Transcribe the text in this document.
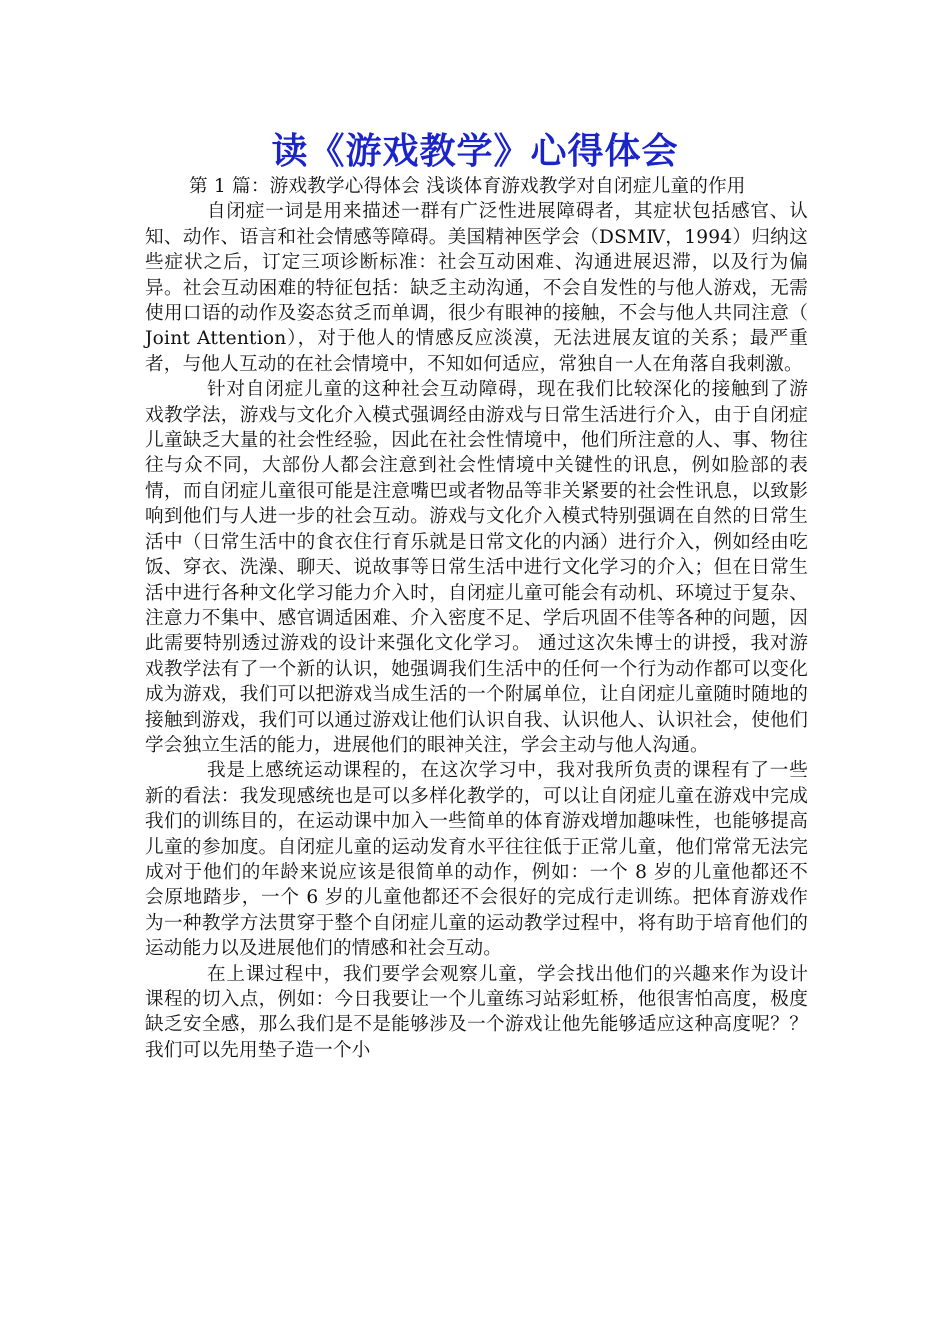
读《游戏教学》心得体会

第 1 篇：游戏教学心得体会 浅谈体育游戏教学对自闭症儿童的作用

自闭症一词是用来描述一群有广泛性进展障碍者，其症状包括感官、认知、动作、语言和社会情感等障碍。美国精神医学会（DSMⅣ，1994）归纳这些症状之后，订定三项诊断标准：社会互动困难、沟通进展迟滞，以及行为偏异。社会互动困难的特征包括：缺乏主动沟通，不会自发性的与他人游戏，无需使用口语的动作及姿态贫乏而单调，很少有眼神的接触，不会与他人共同注意（ Joint Attention），对于他人的情感反应淡漠，无法进展友谊的关系；最严重者，与他人互动的在社会情境中，不知如何适应，常独自一人在角落自我刺激。

针对自闭症儿童的这种社会互动障碍，现在我们比较深化的接触到了游戏教学法，游戏与文化介入模式强调经由游戏与日常生活进行介入，由于自闭症儿童缺乏大量的社会性经验，因此在社会性情境中，他们所注意的人、事、物往往与众不同，大部份人都会注意到社会性情境中关键性的讯息，例如脸部的表情，而自闭症儿童很可能是注意嘴巴或者物品等非关紧要的社会性讯息，以致影响到他们与人进一步的社会互动。游戏与文化介入模式特别强调在自然的日常生活中（日常生活中的食衣住行育乐就是日常文化的内涵）进行介入，例如经由吃饭、穿衣、洗澡、聊天、说故事等日常生活中进行文化学习的介入；但在日常生活中进行各种文化学习能力介入时，自闭症儿童可能会有动机、环境过于复杂、注意力不集中、感官调适困难、介入密度不足、学后巩固不佳等各种的问题，因此需要特别透过游戏的设计来强化文化学习。 通过这次朱博士的讲授，我对游戏教学法有了一个新的认识，她强调我们生活中的任何一个行为动作都可以变化成为游戏，我们可以把游戏当成生活的一个附属单位，让自闭症儿童随时随地的接触到游戏，我们可以通过游戏让他们认识自我、认识他人、认识社会，使他们学会独立生活的能力，进展他们的眼神关注，学会主动与他人沟通。

我是上感统运动课程的，在这次学习中，我对我所负责的课程有了一些新的看法：我发现感统也是可以多样化教学的，可以让自闭症儿童在游戏中完成我们的训练目的，在运动课中加入一些简单的体育游戏增加趣味性，也能够提高儿童的参加度。自闭症儿童的运动发育水平往往低于正常儿童，他们常常无法完成对于他们的年龄来说应该是很简单的动作，例如：一个 8 岁的儿童他都还不会原地踏步，一个 6 岁的儿童他都还不会很好的完成行走训练。把体育游戏作为一种教学方法贯穿于整个自闭症儿童的运动教学过程中，将有助于培育他们的运动能力以及进展他们的情感和社会互动。

在上课过程中，我们要学会观察儿童，学会找出他们的兴趣来作为设计课程的切入点，例如：今日我要让一个儿童练习站彩虹桥，他很害怕高度，极度缺乏安全感，那么我们是不是能够涉及一个游戏让他先能够适应这种高度呢？？我们可以先用垫子造一个小
